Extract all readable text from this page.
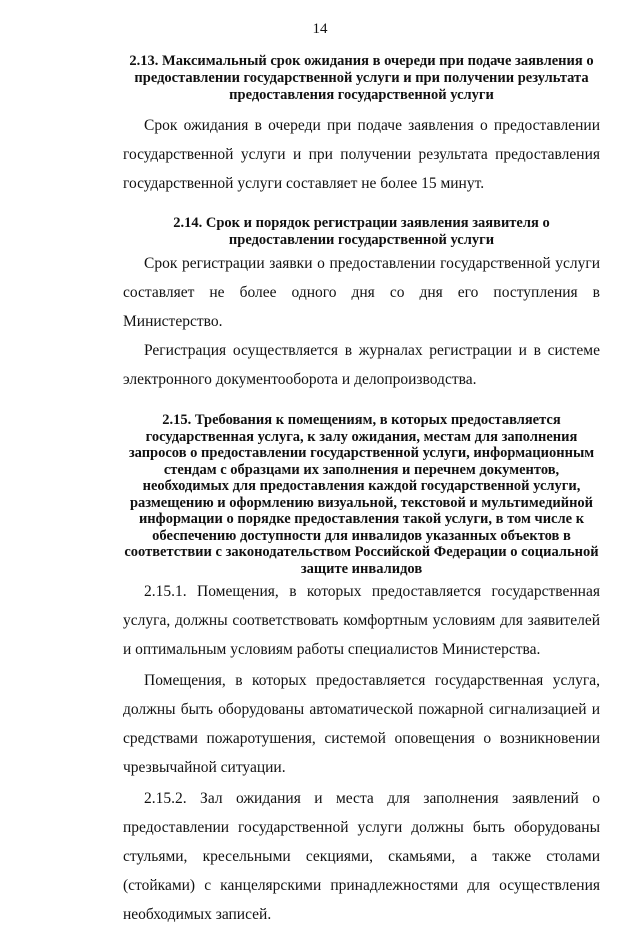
14

2.13. Максимальный срок ожидания в очереди при подаче заявления о предоставлении государственной услуги и при получении результата предоставления государственной услуги

Срок ожидания в очереди при подаче заявления о предоставлении государственной услуги и при получении результата предоставления государственной услуги составляет не более 15 минут.

2.14. Срок и порядок регистрации заявления заявителя о предоставлении государственной услуги

Срок регистрации заявки о предоставлении государственной услуги составляет не более одного дня со дня его поступления в Министерство.

Регистрация осуществляется в журналах регистрации и в системе электронного документооборота и делопроизводства.

2.15. Требования к помещениям, в которых предоставляется государственная услуга, к залу ожидания, местам для заполнения запросов о предоставлении государственной услуги, информационным стендам с образцами их заполнения и перечнем документов, необходимых для предоставления каждой государственной услуги, размещению и оформлению визуальной, текстовой и мультимедийной информации о порядке предоставления такой услуги, в том числе к обеспечению доступности для инвалидов указанных объектов в соответствии с законодательством Российской Федерации о социальной защите инвалидов

2.15.1. Помещения, в которых предоставляется государственная услуга, должны соответствовать комфортным условиям для заявителей и оптимальным условиям работы специалистов Министерства.

Помещения, в которых предоставляется государственная услуга, должны быть оборудованы автоматической пожарной сигнализацией и средствами пожаротушения, системой оповещения о возникновении чрезвычайной ситуации.

2.15.2. Зал ожидания и места для заполнения заявлений о предоставлении государственной услуги должны быть оборудованы стульями, кресельными секциями, скамьями, а также столами (стойками) с канцелярскими принадлежностями для осуществления необходимых записей.
